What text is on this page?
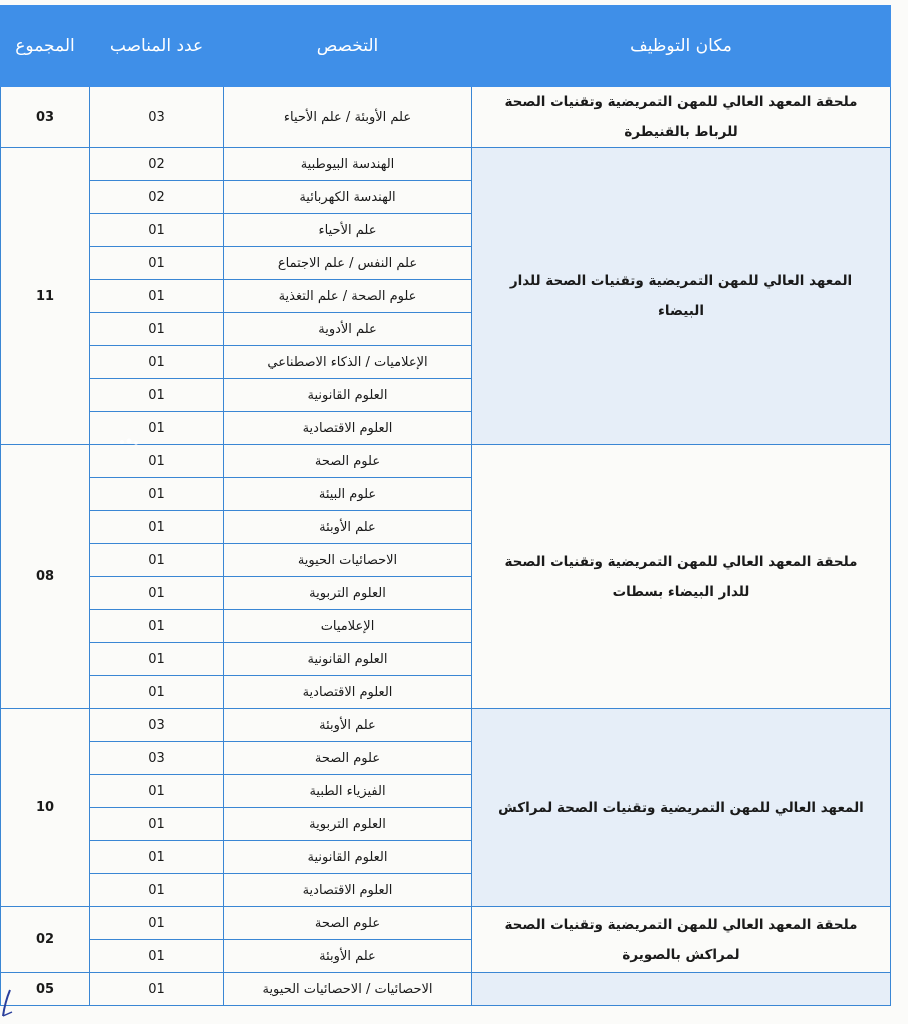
مكان التوظيف	التخصص	عدد المناصب	المجموع
ملحقة المعهد العالي للمهن التمريضية وتقنيات الصحة للرباط بالقنيطرة	علم الأوبئة / علم الأحياء	03	03
المعهد العالي للمهن التمريضية وتقنيات الصحة للدار البيضاء	الهندسة البيوطبية	02	11
	الهندسة الكهربائية	02	
	علم الأحياء	01	
	علم النفس / علم الاجتماع	01	
	علوم الصحة / علم التغذية	01	
	علم الأدوية	01	
	الإعلاميات / الذكاء الاصطناعي	01	
	العلوم القانونية	01	
	العلوم الاقتصادية	01	
ملحقة المعهد العالي للمهن التمريضية وتقنيات الصحة للدار البيضاء بسطات	علوم الصحة	01	08
	علوم البيئة	01	
	علم الأوبئة	01	
	الاحصائيات الحيوية	01	
	العلوم التربوية	01	
	الإعلاميات	01	
	العلوم القانونية	01	
	العلوم الاقتصادية	01	
المعهد العالي للمهن التمريضية وتقنيات الصحة لمراكش	علم الأوبئة	03	10
	علوم الصحة	03	
	الفيزياء الطبية	01	
	العلوم التربوية	01	
	العلوم القانونية	01	
	العلوم الاقتصادية	01	
ملحقة المعهد العالي للمهن التمريضية وتقنيات الصحة لمراكش بالصويرة	علوم الصحة	01	02
	علم الأوبئة	01	
	الاحصائيات / الاحصائيات الحيوية	01	05
